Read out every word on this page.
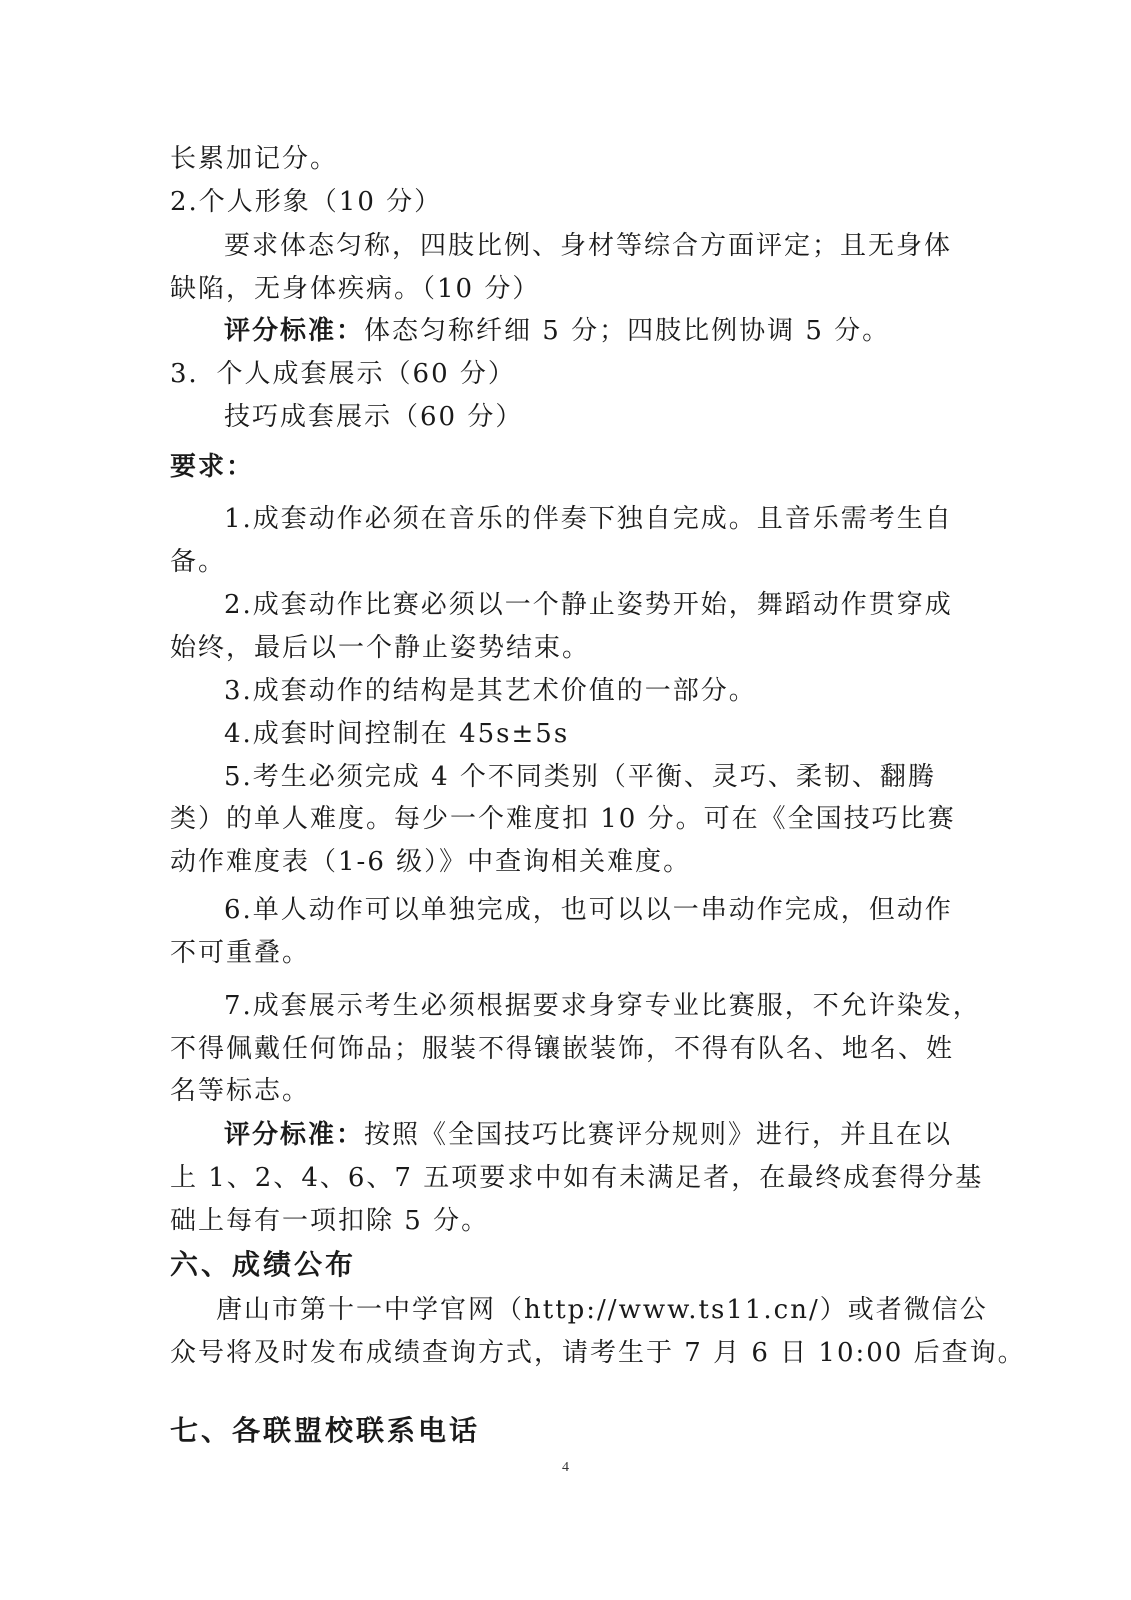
长累加记分。
2.个人形象（10 分）
要求体态匀称，四肢比例、身材等综合方面评定；且无身体
缺陷，无身体疾病。（10 分）
评分标准：体态匀称纤细 5 分；四肢比例协调 5 分。
3．个人成套展示（60 分）
技巧成套展示（60 分）
要求：
1.成套动作必须在音乐的伴奏下独自完成。且音乐需考生自
备。
2.成套动作比赛必须以一个静止姿势开始，舞蹈动作贯穿成
始终，最后以一个静止姿势结束。
3.成套动作的结构是其艺术价值的一部分。
4.成套时间控制在 45s±5s
5.考生必须完成 4 个不同类别（平衡、灵巧、柔韧、翻腾
类）的单人难度。每少一个难度扣 10 分。可在《全国技巧比赛
动作难度表（1-6 级）》中查询相关难度。
6.单人动作可以单独完成，也可以以一串动作完成，但动作
不可重叠。
7.成套展示考生必须根据要求身穿专业比赛服，不允许染发，
不得佩戴任何饰品；服装不得镶嵌装饰，不得有队名、地名、姓
名等标志。
评分标准：按照《全国技巧比赛评分规则》进行，并且在以
上 1、2、4、6、7 五项要求中如有未满足者，在最终成套得分基
础上每有一项扣除 5 分。
六、成绩公布
唐山市第十一中学官网（http://www.ts11.cn/）或者微信公
众号将及时发布成绩查询方式，请考生于 7 月 6 日 10:00 后查询。
七、各联盟校联系电话
4
